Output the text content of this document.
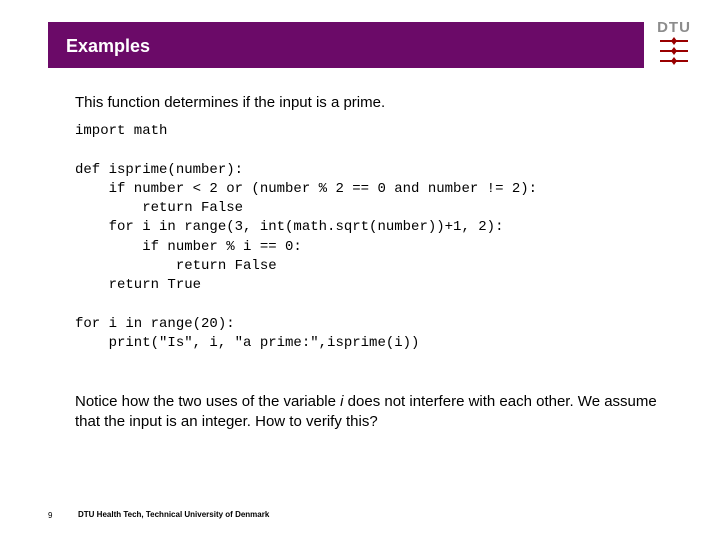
Examples
DTU
This function determines if the input is a prime.
import math

def isprime(number):
if number < 2 or (number % 2 == 0 and number != 2):
return False
for i in range(3, int(math.sqrt(number))+1, 2):
if number % i == 0:
return False
return True

for i in range(20):
print("Is", i, "a prime:",isprime(i))

Notice how the two uses of the variable i does not interfere with each other. We assume that the input is an integer. How to verify this?
9	DTU Health Tech, Technical University of Denmark
